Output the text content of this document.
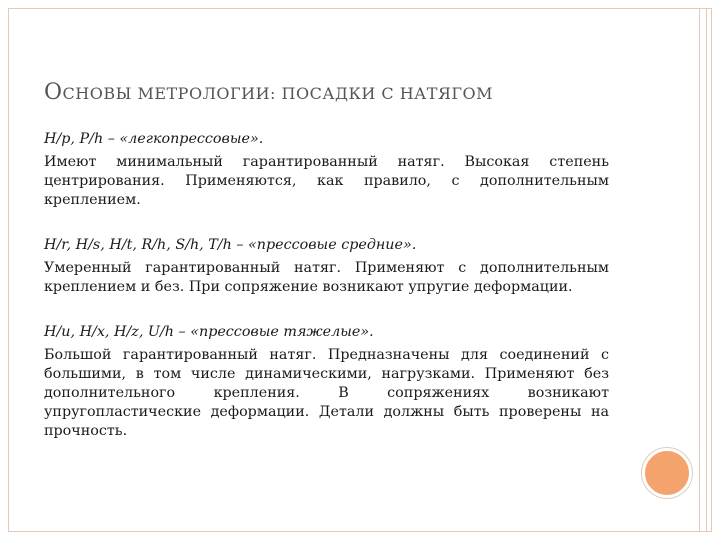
ОСНОВЫ МЕТРОЛОГИИ: ПОСАДКИ С НАТЯГОМ

H/p, P/h – «легкопрессовые».

Имеют минимальный гарантированный натяг. Высокая степень центрирования. Применяются, как правило, с дополнительным креплением.

H/r, H/s, H/t, R/h, S/h, T/h – «прессовые средние».

Умеренный гарантированный натяг. Применяют с дополнительным креплением и без. При сопряжение возникают упругие деформации.

H/u, H/x, H/z, U/h – «прессовые тяжелые».

Большой гарантированный натяг. Предназначены для соединений с большими, в том числе динамическими, нагрузками. Применяют без дополнительного крепления. В сопряжениях возникают упругопластические деформации. Детали должны быть проверены на прочность.
